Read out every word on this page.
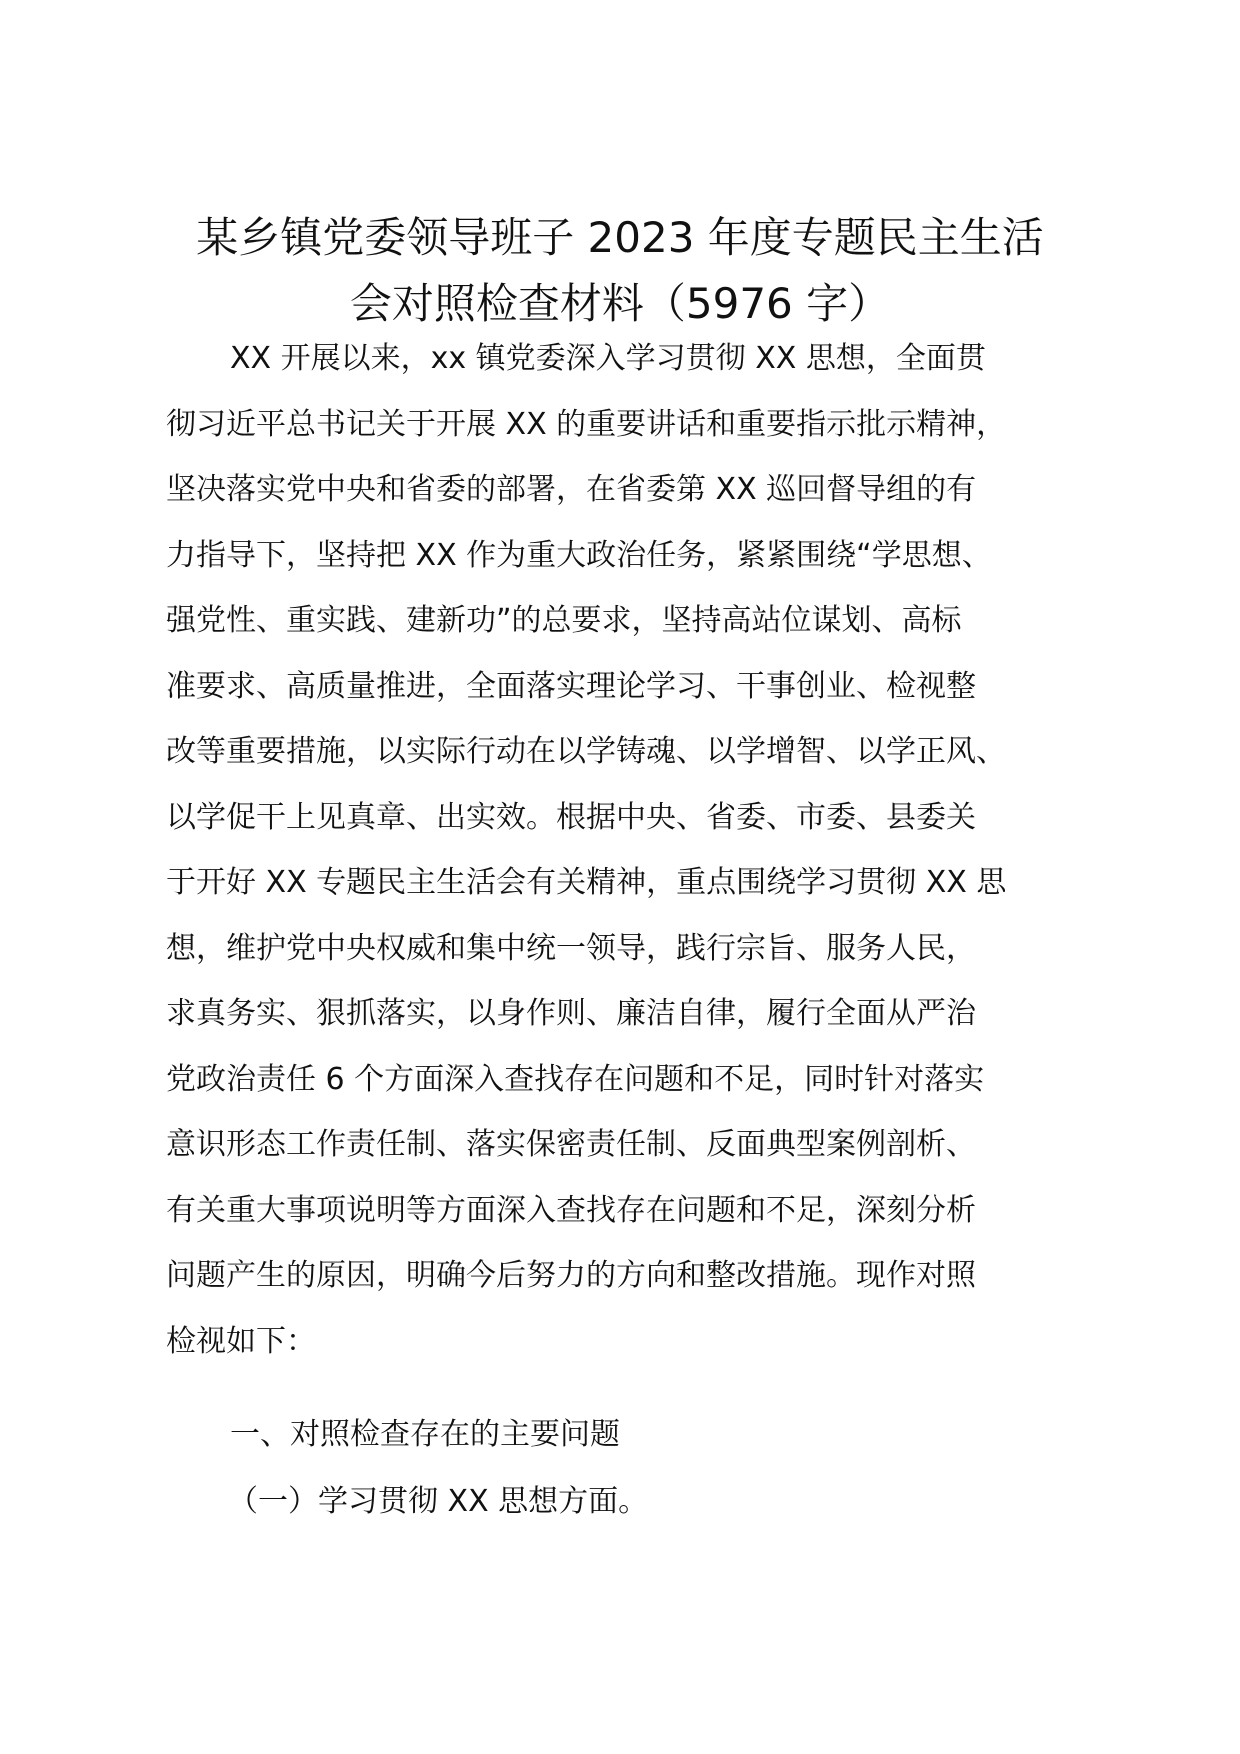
某乡镇党委领导班子 2023 年度专题民主生活
会对照检查材料（5976 字）
XX 开展以来，xx 镇党委深入学习贯彻 XX 思想，全面贯
彻习近平总书记关于开展 XX 的重要讲话和重要指示批示精神，
坚决落实党中央和省委的部署，在省委第 XX 巡回督导组的有
力指导下，坚持把 XX 作为重大政治任务，紧紧围绕“学思想、
强党性、重实践、建新功”的总要求，坚持高站位谋划、高标
准要求、高质量推进，全面落实理论学习、干事创业、检视整
改等重要措施，以实际行动在以学铸魂、以学增智、以学正风、
以学促干上见真章、出实效。根据中央、省委、市委、县委关
于开好 XX 专题民主生活会有关精神，重点围绕学习贯彻 XX 思
想，维护党中央权威和集中统一领导，践行宗旨、服务人民，
求真务实、狠抓落实，以身作则、廉洁自律，履行全面从严治
党政治责任 6 个方面深入查找存在问题和不足，同时针对落实
意识形态工作责任制、落实保密责任制、反面典型案例剖析、
有关重大事项说明等方面深入查找存在问题和不足，深刻分析
问题产生的原因，明确今后努力的方向和整改措施。现作对照
检视如下：
一、对照检查存在的主要问题
（一）学习贯彻 XX 思想方面。
